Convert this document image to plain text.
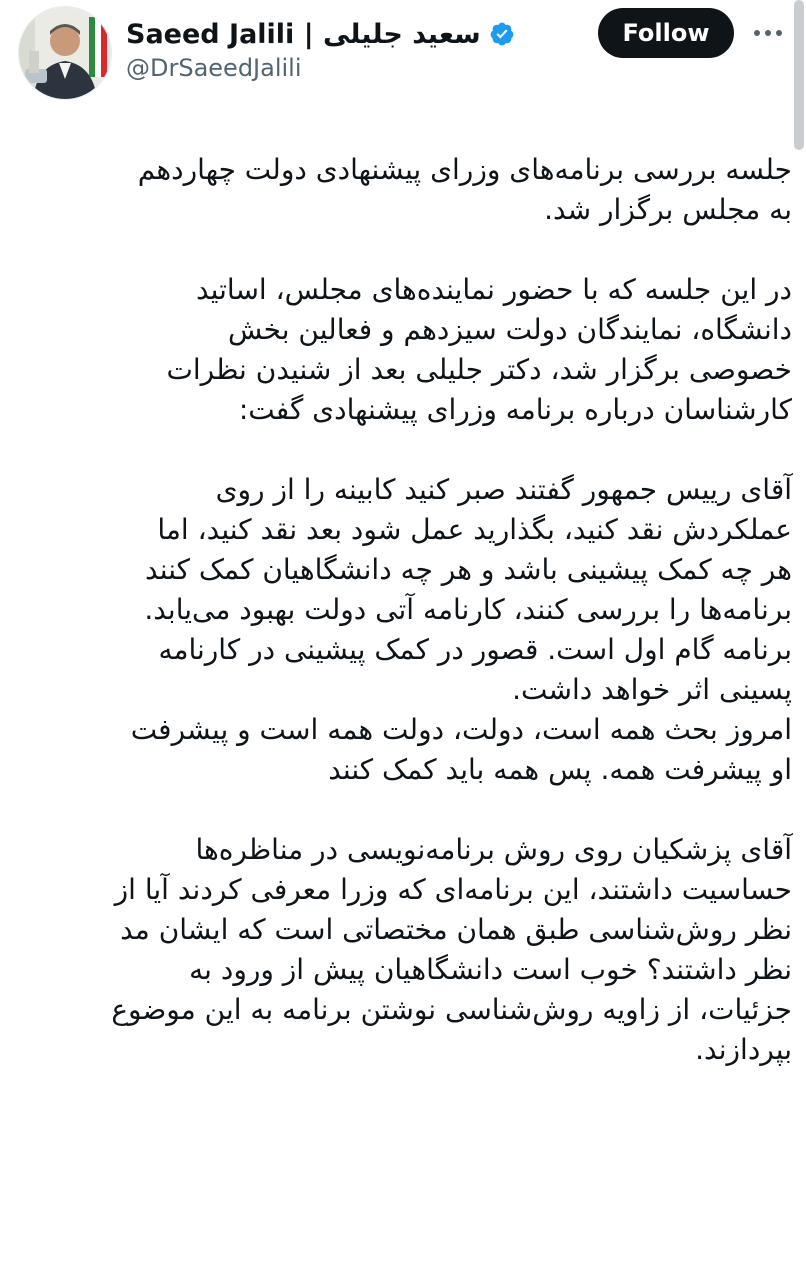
Saeed Jalili | سعید جلیلی
@DrSaeedJalili
Follow

جلسه بررسی برنامه‌های وزرای پیشنهادی دولت چهاردهم
به مجلس برگزار شد.

در این جلسه که با حضور نماینده‌های مجلس، اساتید
دانشگاه، نمایندگان دولت سیزدهم و فعالین بخش
خصوصی برگزار شد، دکتر جلیلی بعد از شنیدن نظرات
کارشناسان درباره برنامه وزرای پیشنهادی گفت:

آقای رییس جمهور گفتند صبر کنید کابینه را از روی
عملکردش نقد کنید، بگذارید عمل شود بعد نقد کنید، اما
هر چه کمک پیشینی باشد و هر چه دانشگاهیان کمک کنند
برنامه‌ها را بررسی کنند، کارنامه آتی دولت بهبود می‌یابد.
برنامه گام اول است. قصور در کمک پیشینی در کارنامه
پسینی اثر خواهد داشت.
امروز بحث همه است، دولت، دولت همه است و پیشرفت
او پیشرفت همه. پس همه باید کمک کنند

آقای پزشکیان روی روش برنامه‌نویسی در مناظره‌ها
حساسیت داشتند، این برنامه‌ای که وزرا معرفی کردند آیا از
نظر روش‌شناسی طبق همان مختصاتی است که ایشان مد
نظر داشتند؟ خوب است دانشگاهیان پیش از ورود به
جزئیات، از زاویه روش‌شناسی نوشتن برنامه به این موضوع
بپردازند.
